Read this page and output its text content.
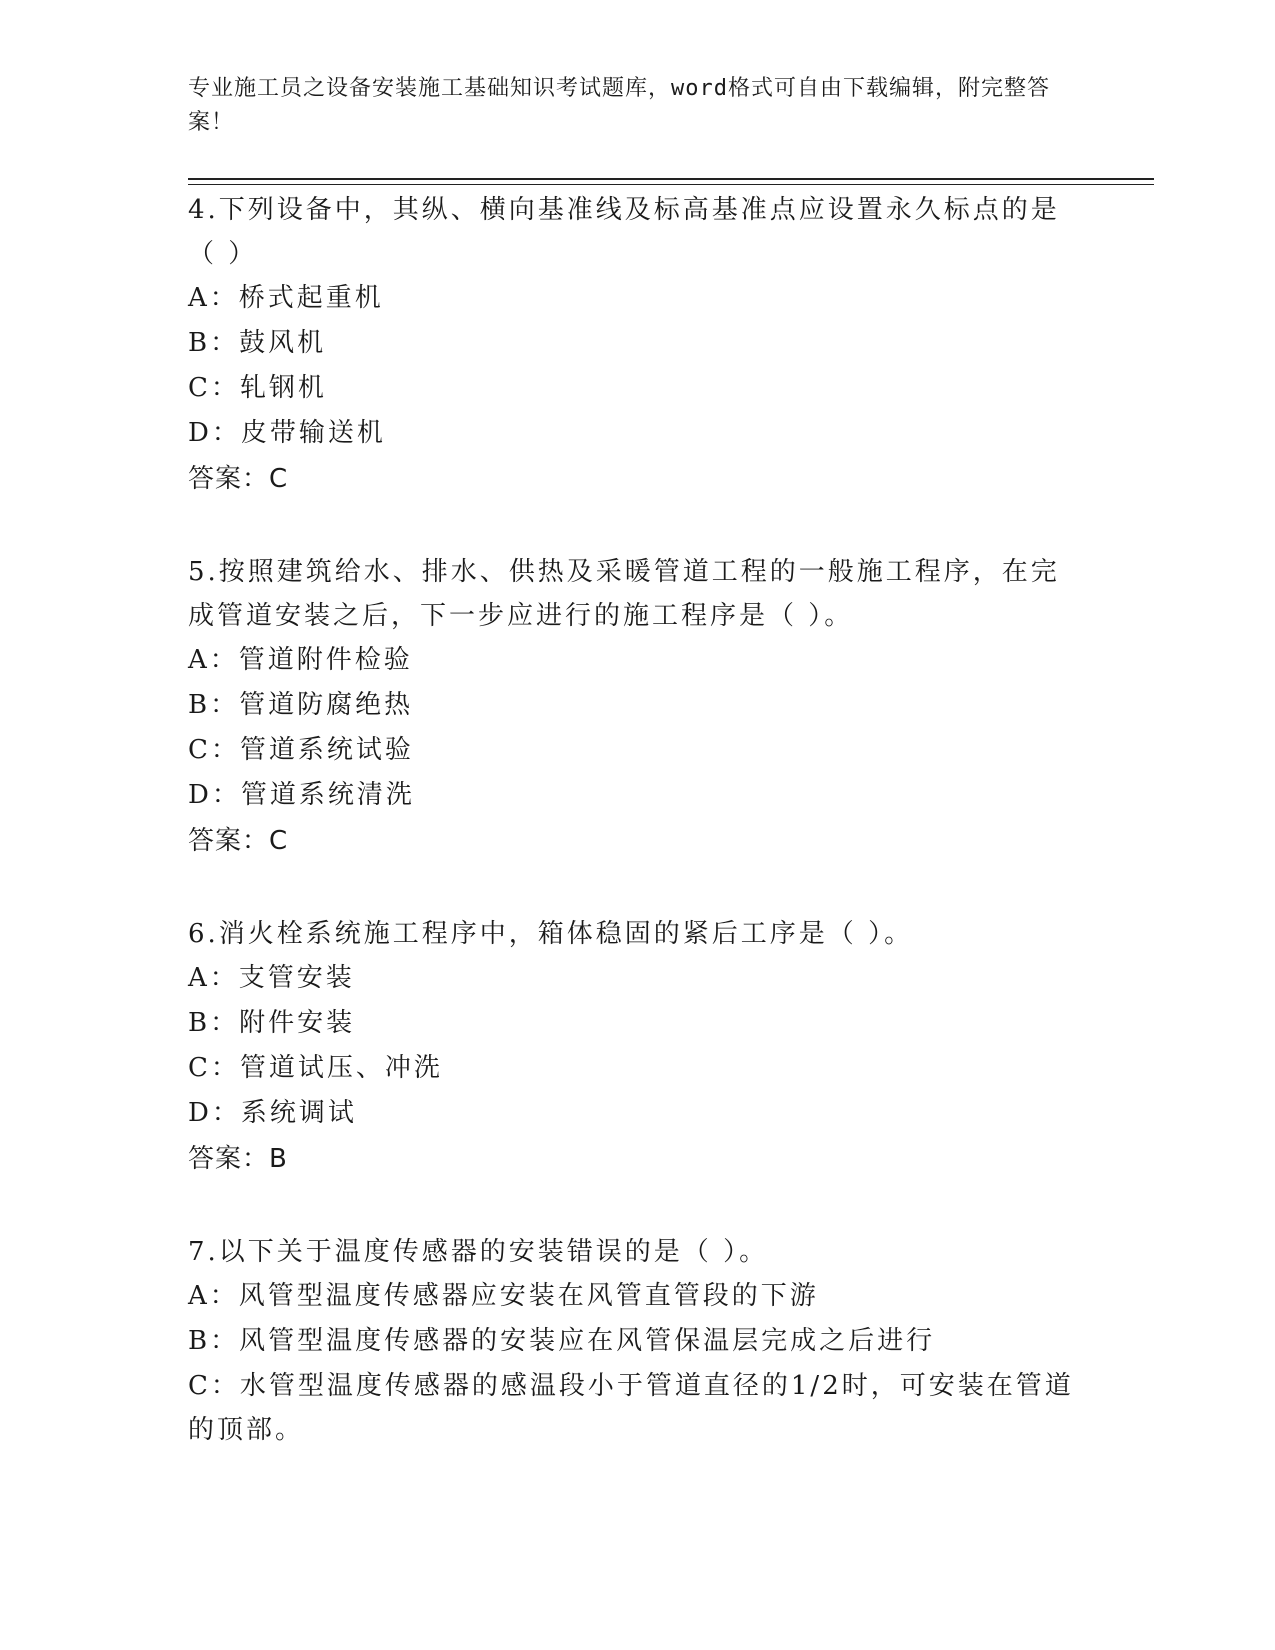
专业施工员之设备安装施工基础知识考试题库，word格式可自由下载编辑，附完整答案！

4.下列设备中，其纵、横向基准线及标高基准点应设置永久标点的是（ ）

A：桥式起重机

B：鼓风机

C：轧钢机

D：皮带输送机

答案：C

5.按照建筑给水、排水、供热及采暖管道工程的一般施工程序，在完成管道安装之后，下一步应进行的施工程序是（ ）。

A：管道附件检验

B：管道防腐绝热

C：管道系统试验

D：管道系统清洗

答案：C

6.消火栓系统施工程序中，箱体稳固的紧后工序是（ ）。

A：支管安装

B：附件安装

C：管道试压、冲洗

D：系统调试

答案：B

7.以下关于温度传感器的安装错误的是（ ）。

A：风管型温度传感器应安装在风管直管段的下游

B：风管型温度传感器的安装应在风管保温层完成之后进行

C：水管型温度传感器的感温段小于管道直径的1/2时，可安装在管道的顶部。
